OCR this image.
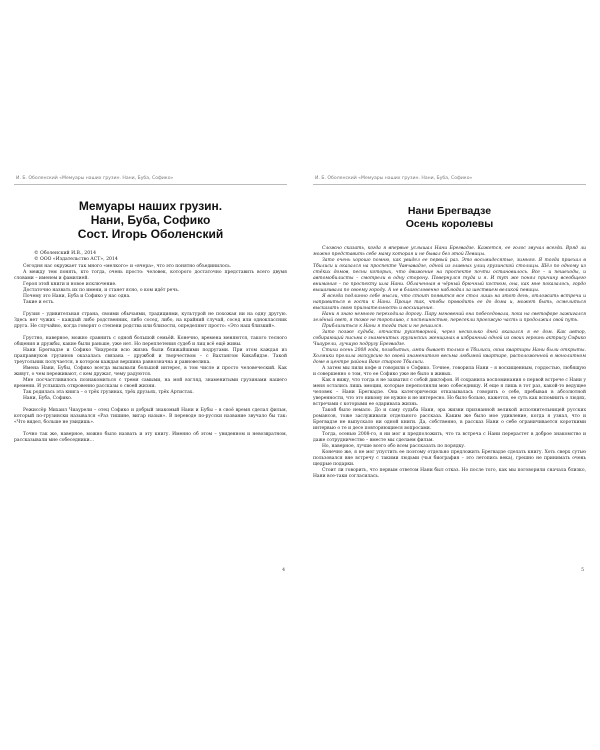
И. Б. Оболенский «Мемуары наших грузин. Нани, Буба, Софико»
Мемуары наших грузин.
Нани, Буба, Софико
Сост. Игорь Оболенский
© Оболенский И.В., 2014
© ООО «Издательство АСТ», 2014

Сегодня нас окружает так много «мелкого» и «вчера», что это понятно объединилось.

А между тем понять, кто тогда, очень просто: человек, которого достаточно представить всего двумя словами – именем и фамилией.

Героя этой книги и новое исключение.

Достаточно назвать их по имени, и станет ясно, о ком идёт речь.

Почему это Нани, Буба и Софико у нас одна.

Такие и есть.

Грузия – удивительная страна, своими обычаями, традициями, культурой не похожая ни на одну другую. Здесь нет чужих – каждый либо родственник, либо сосед, либо, на крайний случай, сосед или одноклассник друга. Не случайно, когда говорят о степени родства или близости, определяют просто: «Это наш близкий».

Грустно, наверное, можно сравнить с одной большой семьёй. Конечно, времена меняются, такого тесного общения и дружбы, какие были раньше, уже нет. Но переплетения судеб и лиц всё ещё живы.

Нани Брегвадзе и Софико Чиаурели всю жизнь были ближайшими подругами. При этом каждая из праправнуков грузинов оказалась связана – дружбой и творчеством – с Вахтангом Кикабидзе. Такой треугольник получается, в котором каждая вершина равнозначна и равновелика.

Имена Нани, Бубы, Софико всегда вызывали большой интерес, в том числе и просто человеческий. Как живут, о чем переживают, с кем дружат, чему радуются.

Мне посчастливилось познакомиться с тремя самыми, на мой взгляд, знаменитыми грузинами нашего времени. И услышать откровенно рассказы о своей жизни.

Так родилась эта книга – о трёх грузинах, трёх друзьях, трёх Артистах.

Нани, Буба, Софико.

Режиссёр Михаил Чиаурели – отец Софико и добрый знакомый Нани и Бубы – в своё время сделал фильм, который по-грузински назывался «Раз тишине, вигар назын». В переводе по-русски название звучало бы так: «Что видел, больше не увидишь».

Точно так же, наверное, можно было назвать и эту книгу. Именно об этом – увиденном и невозвратном, рассказывали мне собеседники…

4
И. Б. Оболенский «Мемуары наших грузин. Нани, Буба, Софико»
Нани Брегвадзе
Осень королевы

Сложно сказать, когда я впервые услышал Нани Брегвадзе. Кажется, ее голос звучал всегда. Вряд ли можно представить себе маму которая и не бывал без этой Певицы.

Зато очень хорошо помню, как увидел ее первый раз. Это восьмидесятые, зимняя. Я тогда приехал в Тбилиси и оказался на проспекте Чавчавадзе, одной из главных улиц грузинской столицы. Шёл по одному из стёких домов, песни которых, что движение на проспекте почти остановилось. Все – и пешеходы, и автомобилисты – смотрели в одну сторону. Повернулся туда и я. И тут же понял причину всеобщего внимания – по проспекту шла Нани. Облаченная в чёрный брючный костюм, она, как мне показалось, гордо вышагивала по своему городу. А не в благословенно наблюдал за шествием великой певицы.

Я всегда подлинно себе мысли, что стоит появится все стол лишь на этот день, отложить встречи и направиться в гости к Нани. Проще так, чтобы проводить ее до дома и, может быть, осмелиться высказать свою признательность и восхищение.

Нани я знаю немного переходила дорогу. Пару мгновений она побеседовала, пока на светофоре зажигался зелёный свет, я тоже не торопливо, с поспешностью, пересекли проезжую часть и продолжил свой путь.

Приблизиться к Нани я тогда так и не решился.

Зато позже судьба, отчасти рукотворной, через несколько дней оказался я ее дом. Как автор, собирающий письма о знаменитых грузинских женщинах в избранный одной из своих героинь актрису Софико Чиаурели, лучшую подругу Брегвадзе.

Стихи осень 2008 года, позабытых, ампи бывает только в Тбилиси, окна квартиры Нани были открыты. Холмики пролила экскурсию по своей знаменитого весьма любимой квартире, расположенной в монолитном доме в центре района Ваке старого Тбилиси.

А затем мы пили кофе и говорили о Софико. Точнее, говорила Нани – я восхищенным, гордостью, любящую и совершенно о том, что ее Софико уже не было в живых.

Как я вижу, что тогда я не захватил с собой диктофон. И сохранила воспоминания о первой встрече с Нани у меня остались лишь эмоции, которые переполняли мою собеседницу. И еще я лишь в тот раз, какой-то ведущее человек – Нани Брегвадзе. Она категорически отказывалась говорить о себе, пребывая в абсолютной уверенности, что это никому не нужно и не интересно. Но было больно, кажется, ее суть как вспомнить о людях, встречами с которыми ее одаривала жизнь.

Такой было немало. До и саму судьба Нани, эра жизни признанной великой исполнительницей русских романсов, тоже заслуживали отдельного рассказа. Каким же было мое удивление, когда я узнал, что и Брегвадзе не выпускало ни одной книги. Да, собственно, в рассказ Нани о себе ограничивается короткими интервью о те и десе повторяющиеся вопросами.

Тогда, осенью 2008-го, я ни мог и предположить, что та встреча с Нани перерастет в доброе знакомство и даже сотрудничество – вместе мы сделаем фильм.

Но, наверное, лучше всего обо всем рассказать по порядку.

Конечно же, я не мог упустить ее поэтому отдельно предложить Брегвадзе сделать книгу. Хоть сверх сутью пользовался вне встречу с такими людьми (чья биография – это летопись века), грешно не принимать очень щедрые подарки.

Стоит ли говорить, что первым ответом Нани был отказ. Но после того, как мы поговорили сначала близко, Нани все-таки согласилась.

5
